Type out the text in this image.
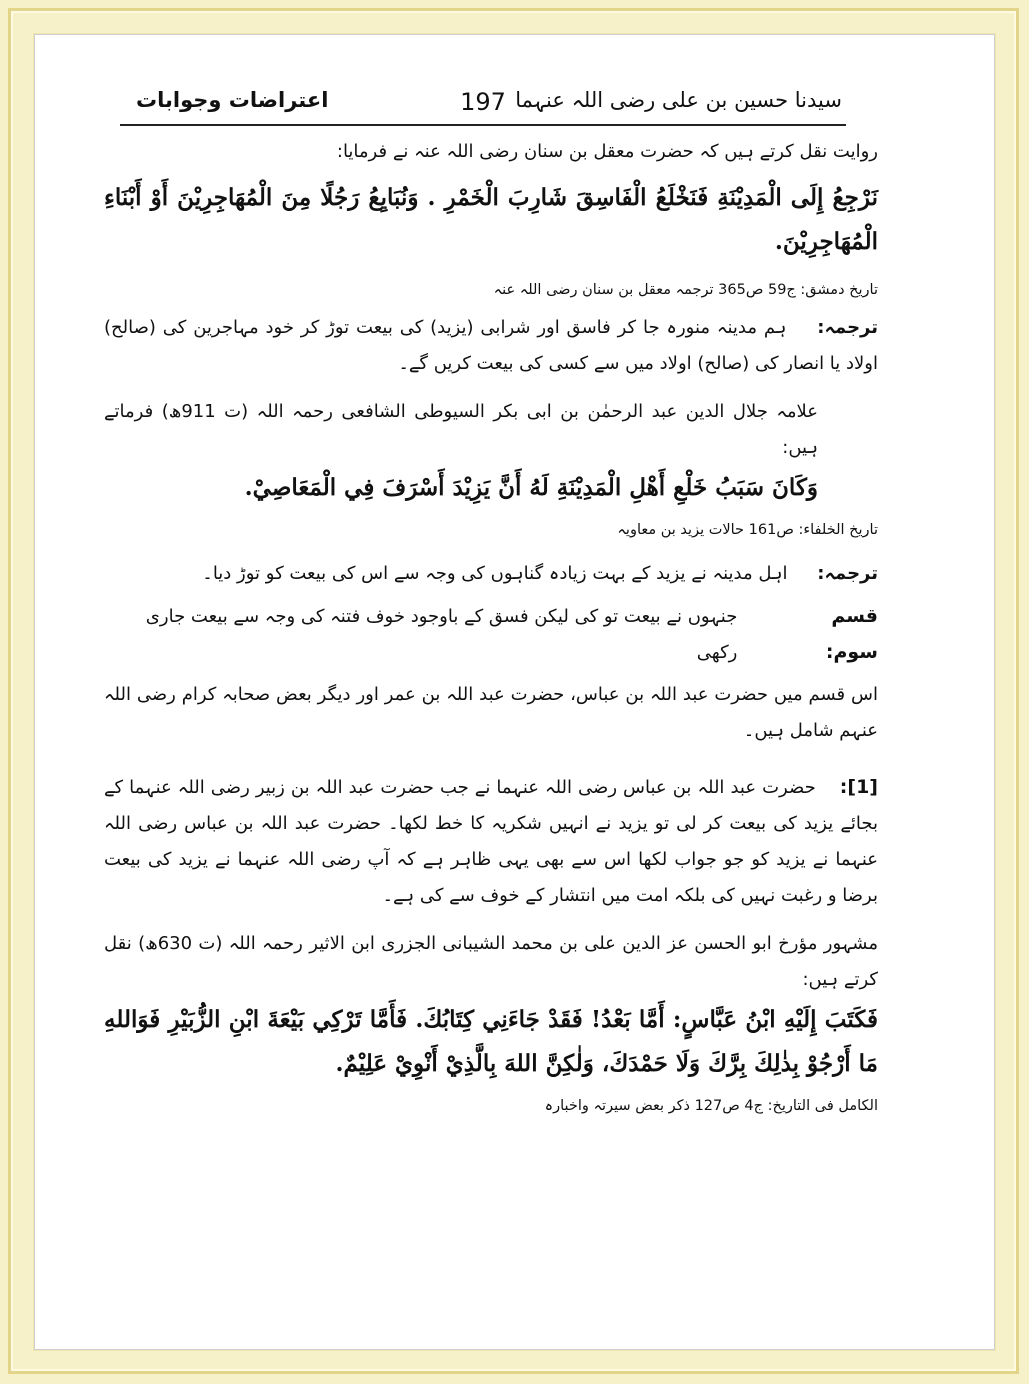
اعتراضات وجوابات	197 سیدنا حسین بن علی رضی اللہ عنہما

روایت نقل کرتے ہیں کہ حضرت معقل بن سنان رضی اللہ عنہ نے فرمایا:

نَرْجِعُ إِلَى الْمَدِيْنَةِ فَنَخْلَعُ الْفَاسِقَ شَارِبَ الْخَمْرِ . وَنُبَايِعُ رَجُلًا مِنَ الْمُهَاجِرِيْنَ أَوْ أَبْنَاءِ الْمُهَاجِرِيْنَ.

تاریخ دمشق: ج59 ص365 ترجمہ معقل بن سنان رضی اللہ عنہ

ترجمہ: ہم مدینہ منورہ جا کر فاسق اور شرابی (یزید) کی بیعت توڑ کر خود مہاجرین کی (صالح) اولاد یا انصار کی (صالح) اولاد میں سے کسی کی بیعت کریں گے۔

علامہ جلال الدین عبد الرحمٰن بن ابی بکر السیوطی الشافعی رحمہ اللہ (ت 911ھ) فرماتے ہیں:

وَكَانَ سَبَبُ خَلْعِ أَهْلِ الْمَدِيْنَةِ لَهُ أَنَّ يَزِيْدَ أَسْرَفَ فِي الْمَعَاصِيْ.

تاریخ الخلفاء: ص161 حالات یزید بن معاویہ

ترجمہ: اہل مدینہ نے یزید کے بہت زیادہ گناہوں کی وجہ سے اس کی بیعت کو توڑ دیا۔

قسم سوم:
جنہوں نے بیعت تو کی لیکن فسق کے باوجود خوف فتنہ کی وجہ سے بیعت جاری رکھی

اس قسم میں حضرت عبد اللہ بن عباس، حضرت عبد اللہ بن عمر اور دیگر بعض صحابہ کرام رضی اللہ عنہم شامل ہیں۔

[1]: حضرت عبد اللہ بن عباس رضی اللہ عنہما نے جب حضرت عبد اللہ بن زبیر رضی اللہ عنہما کے بجائے یزید کی بیعت کر لی تو یزید نے انہیں شکریہ کا خط لکھا۔ حضرت عبد اللہ بن عباس رضی اللہ عنہما نے یزید کو جو جواب لکھا اس سے بھی یہی ظاہر ہے کہ آپ رضی اللہ عنہما نے یزید کی بیعت برضا و رغبت نہیں کی بلکہ امت میں انتشار کے خوف سے کی ہے۔

مشہور مؤرخ ابو الحسن عز الدین علی بن محمد الشیبانی الجزری ابن الاثیر رحمہ اللہ (ت 630ھ) نقل کرتے ہیں:

فَكَتَبَ إِلَيْهِ ابْنُ عَبَّاسٍ: أَمَّا بَعْدُ! فَقَدْ جَاءَنِي كِتَابُكَ. فَأَمَّا تَرْكِي بَيْعَةَ ابْنِ الزُّبَيْرِ فَوَاللهِ مَا أَرْجُوْ بِذٰلِكَ بِرَّكَ وَلَا حَمْدَكَ، وَلٰكِنَّ اللهَ بِالَّذِيْ أَنْوِيْ عَلِيْمٌ.

الکامل فی التاریخ: ج4 ص127 ذکر بعض سیرتہ واخبارہ
